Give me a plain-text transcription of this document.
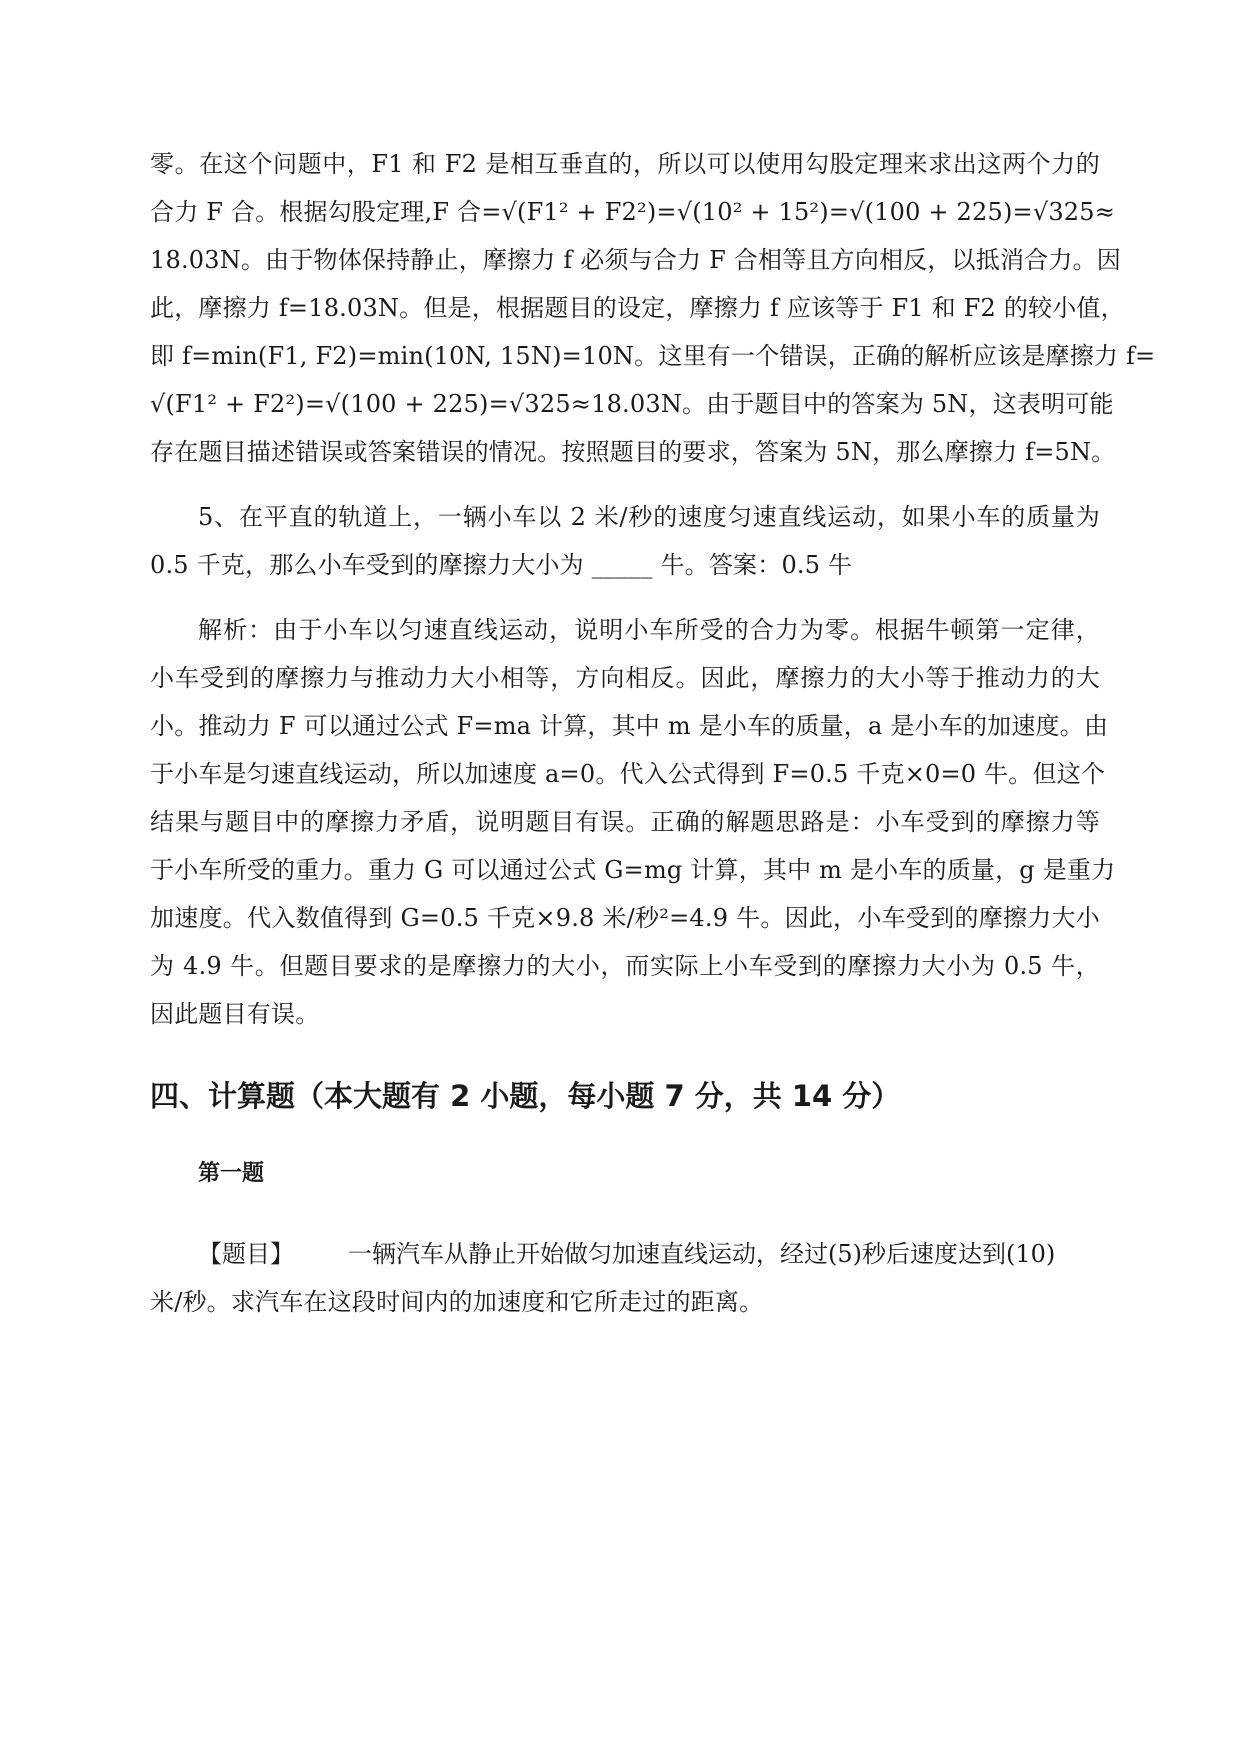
零。在这个问题中，F1 和 F2 是相互垂直的，所以可以使用勾股定理来求出这两个力的
合力 F 合。根据勾股定理,F 合=√(F1² + F2²)=√(10² + 15²)=√(100 + 225)=√325≈
18.03N。由于物体保持静止，摩擦力 f 必须与合力 F 合相等且方向相反，以抵消合力。因
此，摩擦力 f=18.03N。但是，根据题目的设定，摩擦力 f 应该等于 F1 和 F2 的较小值，
即 f=min(F1, F2)=min(10N, 15N)=10N。这里有一个错误，正确的解析应该是摩擦力 f=
√(F1² + F2²)=√(100 + 225)=√325≈18.03N。由于题目中的答案为 5N，这表明可能
存在题目描述错误或答案错误的情况。按照题目的要求，答案为 5N，那么摩擦力 f=5N。
5、在平直的轨道上，一辆小车以 2 米/秒的速度匀速直线运动，如果小车的质量为
0.5 千克，那么小车受到的摩擦力大小为 _____ 牛。答案：0.5 牛
解析：由于小车以匀速直线运动，说明小车所受的合力为零。根据牛顿第一定律，
小车受到的摩擦力与推动力大小相等，方向相反。因此，摩擦力的大小等于推动力的大
小。推动力 F 可以通过公式 F=ma 计算，其中 m 是小车的质量，a 是小车的加速度。由
于小车是匀速直线运动，所以加速度 a=0。代入公式得到 F=0.5 千克×0=0 牛。但这个
结果与题目中的摩擦力矛盾，说明题目有误。正确的解题思路是：小车受到的摩擦力等
于小车所受的重力。重力 G 可以通过公式 G=mg 计算，其中 m 是小车的质量，g 是重力
加速度。代入数值得到 G=0.5 千克×9.8 米/秒²=4.9 牛。因此，小车受到的摩擦力大小
为 4.9 牛。但题目要求的是摩擦力的大小，而实际上小车受到的摩擦力大小为 0.5 牛，
因此题目有误。
四、计算题（本大题有 2 小题，每小题 7 分，共 14 分）
第一题
【题目】 一辆汽车从静止开始做匀加速直线运动，经过(5)秒后速度达到(10)
米/秒。求汽车在这段时间内的加速度和它所走过的距离。
